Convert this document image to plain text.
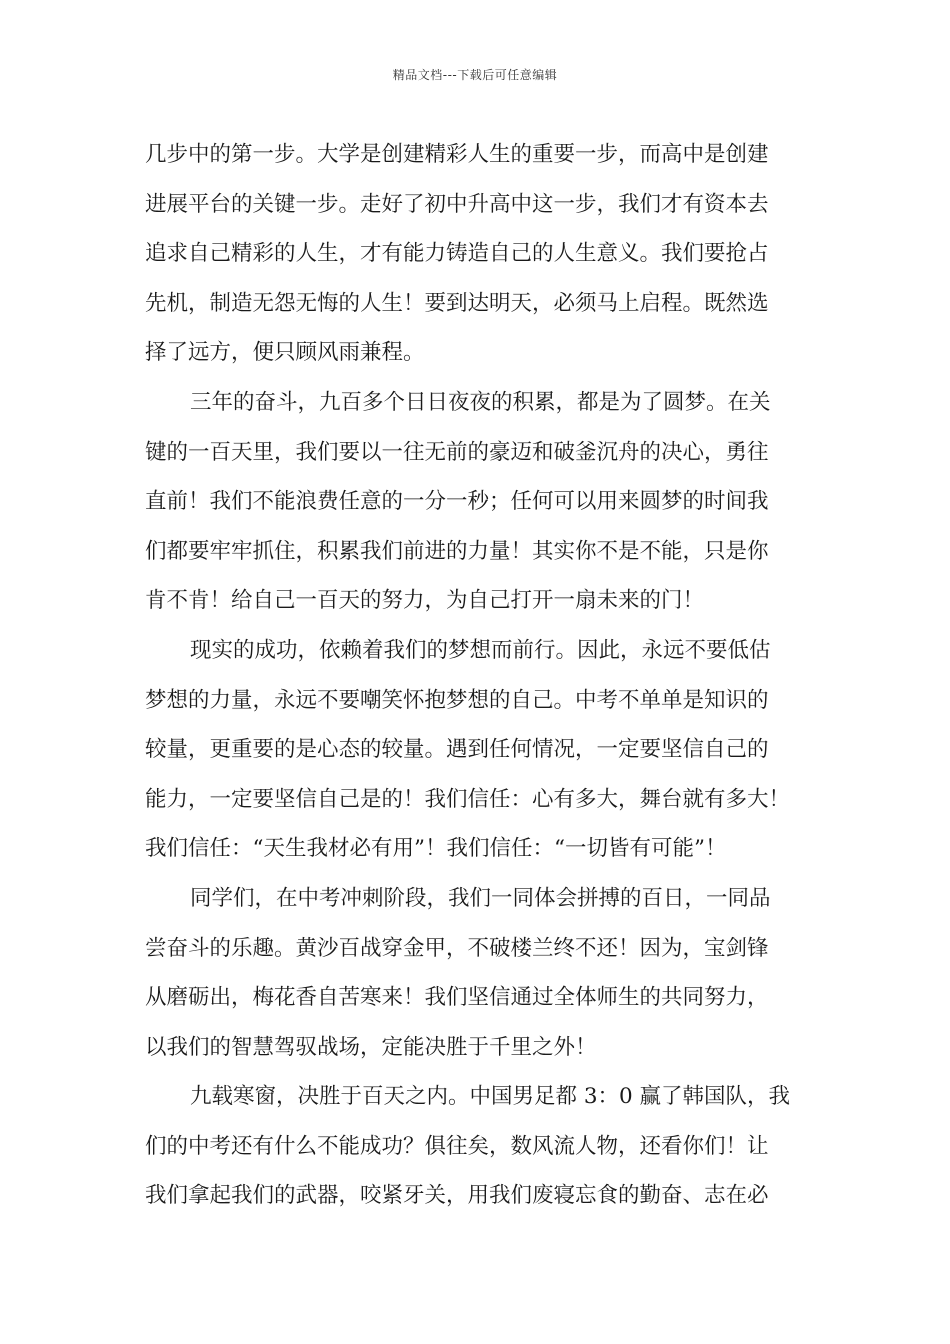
精品文档---下载后可任意编辑
几步中的第一步。大学是创建精彩人生的重要一步，而高中是创建
进展平台的关键一步。走好了初中升高中这一步，我们才有资本去
追求自己精彩的人生，才有能力铸造自己的人生意义。我们要抢占
先机，制造无怨无悔的人生！要到达明天，必须马上启程。既然选
择了远方，便只顾风雨兼程。
三年的奋斗，九百多个日日夜夜的积累，都是为了圆梦。在关
键的一百天里，我们要以一往无前的豪迈和破釜沉舟的决心，勇往
直前！我们不能浪费任意的一分一秒；任何可以用来圆梦的时间我
们都要牢牢抓住，积累我们前进的力量！其实你不是不能，只是你
肯不肯！给自己一百天的努力，为自己打开一扇未来的门！
现实的成功，依赖着我们的梦想而前行。因此，永远不要低估
梦想的力量，永远不要嘲笑怀抱梦想的自己。中考不单单是知识的
较量，更重要的是心态的较量。遇到任何情况，一定要坚信自己的
能力，一定要坚信自己是的！我们信任：心有多大，舞台就有多大！
我们信任：“天生我材必有用”！我们信任：“一切皆有可能”！
同学们，在中考冲刺阶段，我们一同体会拼搏的百日，一同品
尝奋斗的乐趣。黄沙百战穿金甲，不破楼兰终不还！因为，宝剑锋
从磨砺出，梅花香自苦寒来！我们坚信通过全体师生的共同努力，
以我们的智慧驾驭战场，定能决胜于千里之外！
九载寒窗，决胜于百天之内。中国男足都 3：0 赢了韩国队，我
们的中考还有什么不能成功？俱往矣，数风流人物，还看你们！让
我们拿起我们的武器，咬紧牙关，用我们废寝忘食的勤奋、志在必
